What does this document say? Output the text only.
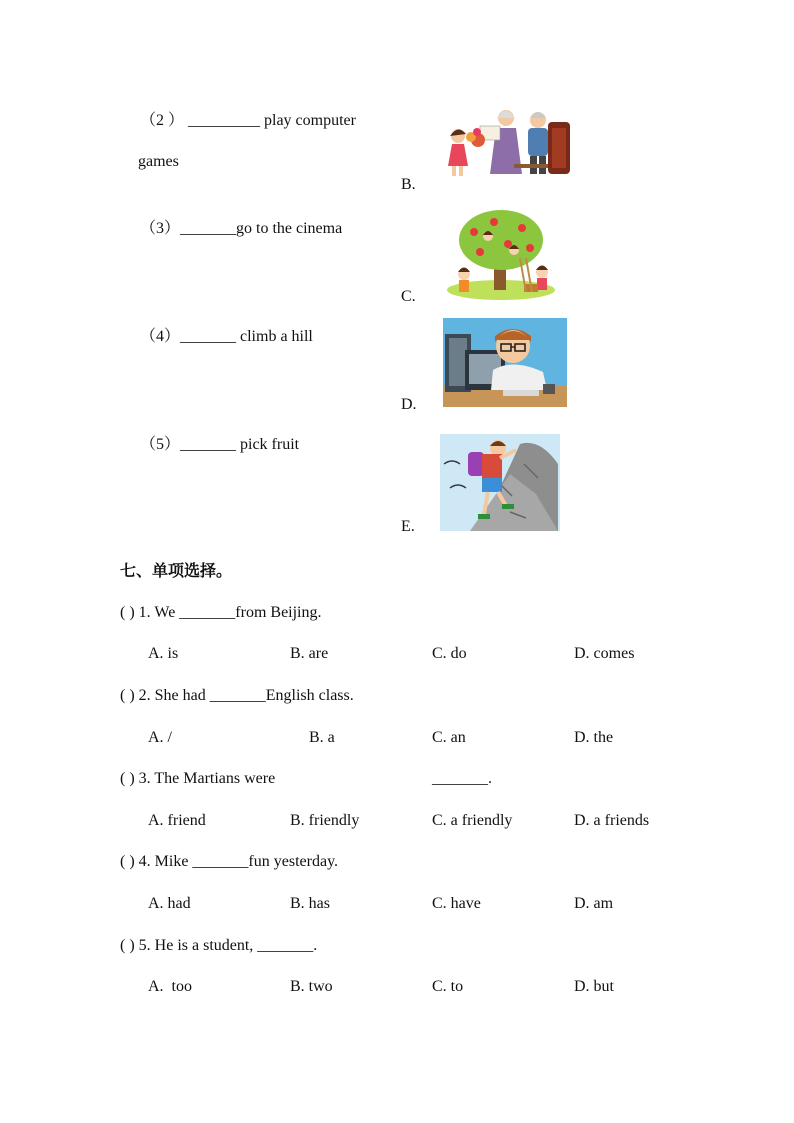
（2 ） _________ play computer
games
B.
（3）_______go to the cinema
C.
（4）_______ climb a hill
D.
（5）_______ pick fruit
E.
七、单项选择。
( ) 1. We _______from Beijing.
A. is	B. are	C. do	D. comes
( ) 2. She had _______English class.
A. /	B. a	C. an	D. the
( ) 3. The Martians were	_______.
A. friend	B. friendly	C. a friendly	D. a friends
( ) 4. Mike _______fun yesterday.
A. had	B. has	C. have	D. am
( ) 5. He is a student, _______.
A.  too	B. two	C. to	D. but
